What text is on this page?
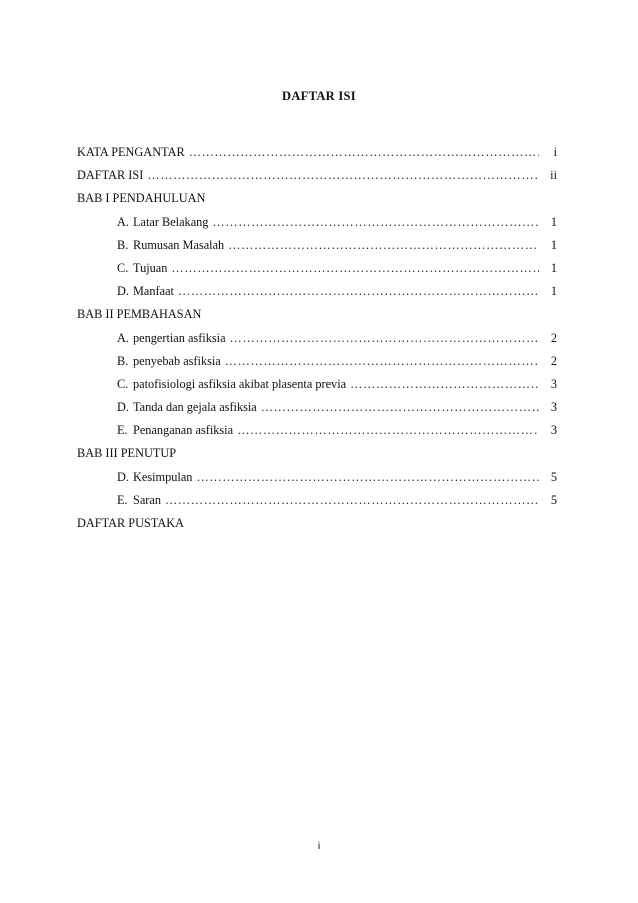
DAFTAR ISI
KATA PENGANTAR …………………………………………………………………………………………………………………………………………………………………………………………………………	i
DAFTAR ISI …………………………………………………………………………………………………………………………………………………………………………………………………………	ii
BAB I PENDAHULUAN
A. Latar Belakang …………………………………………………………………………………………………………………………………………………………………………………………………………	1
B. Rumusan Masalah …………………………………………………………………………………………………………………………………………………………………………………………………………	1
C. Tujuan …………………………………………………………………………………………………………………………………………………………………………………………………………	1
D. Manfaat …………………………………………………………………………………………………………………………………………………………………………………………………………	1
BAB II PEMBAHASAN
A. pengertian asfiksia …………………………………………………………………………………………………………………………………………………………………………………………………………	2
B. penyebab asfiksia …………………………………………………………………………………………………………………………………………………………………………………………………………	2
C. patofisiologi asfiksia akibat plasenta previa …………………………………………………………………………………………………………………………………………………………………………………………………………	3
D. Tanda dan gejala asfiksia …………………………………………………………………………………………………………………………………………………………………………………………………………	3
E. Penanganan asfiksia …………………………………………………………………………………………………………………………………………………………………………………………………………	3
BAB III PENUTUP
D. Kesimpulan …………………………………………………………………………………………………………………………………………………………………………………………………………	5
E. Saran …………………………………………………………………………………………………………………………………………………………………………………………………………	5
DAFTAR PUSTAKA
i
